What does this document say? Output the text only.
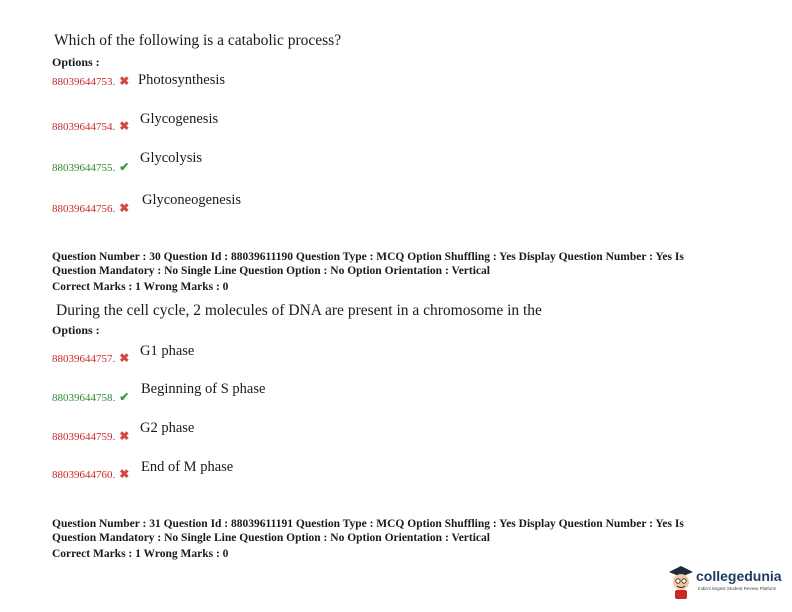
Which of the following is a catabolic process?
Options :
88039644753. ✖ Photosynthesis
88039644754. ✖ Glycogenesis
88039644755. ✔
Glycolysis
88039644756. ✖ Glyconeogenesis
Question Number : 30 Question Id : 88039611190 Question Type : MCQ Option Shuffling : Yes Display Question Number : Yes Is
Question Mandatory : No Single Line Question Option : No Option Orientation : Vertical
Correct Marks : 1 Wrong Marks : 0
During the cell cycle, 2 molecules of DNA are present in a chromosome in the
Options :
88039644757. ✖ G1 phase
88039644758. ✔ Beginning of S phase
88039644759. ✖ G2 phase
88039644760. ✖ End of M phase
Question Number : 31 Question Id : 88039611191 Question Type : MCQ Option Shuffling : Yes Display Question Number : Yes Is
Question Mandatory : No Single Line Question Option : No Option Orientation : Vertical
Correct Marks : 1 Wrong Marks : 0
collegedunia
India's largest Student Review Platform
